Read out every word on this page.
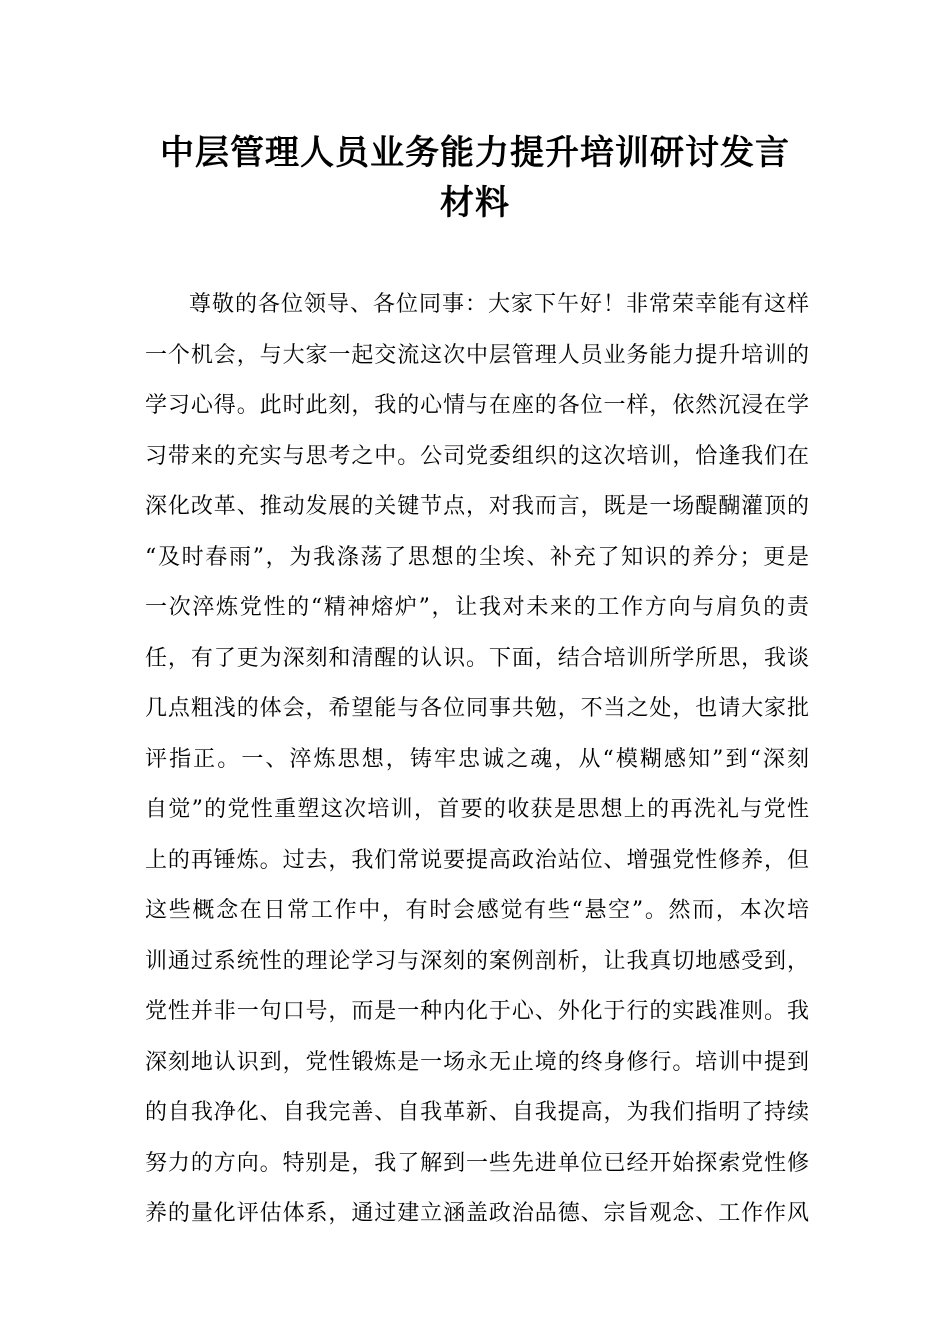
中层管理人员业务能力提升培训研讨发言
材料
尊敬的各位领导、各位同事：大家下午好！非常荣幸能有这样
一个机会，与大家一起交流这次中层管理人员业务能力提升培训的
学习心得。此时此刻，我的心情与在座的各位一样，依然沉浸在学
习带来的充实与思考之中。公司党委组织的这次培训，恰逢我们在
深化改革、推动发展的关键节点，对我而言，既是一场醍醐灌顶的
“及时春雨”，为我涤荡了思想的尘埃、补充了知识的养分；更是
一次淬炼党性的“精神熔炉”，让我对未来的工作方向与肩负的责
任，有了更为深刻和清醒的认识。下面，结合培训所学所思，我谈
几点粗浅的体会，希望能与各位同事共勉，不当之处，也请大家批
评指正。一、淬炼思想，铸牢忠诚之魂，从“模糊感知”到“深刻
自觉”的党性重塑这次培训，首要的收获是思想上的再洗礼与党性
上的再锤炼。过去，我们常说要提高政治站位、增强党性修养，但
这些概念在日常工作中，有时会感觉有些“悬空”。然而，本次培
训通过系统性的理论学习与深刻的案例剖析，让我真切地感受到，
党性并非一句口号，而是一种内化于心、外化于行的实践准则。我
深刻地认识到，党性锻炼是一场永无止境的终身修行。培训中提到
的自我净化、自我完善、自我革新、自我提高，为我们指明了持续
努力的方向。特别是，我了解到一些先进单位已经开始探索党性修
养的量化评估体系，通过建立涵盖政治品德、宗旨观念、工作作风
